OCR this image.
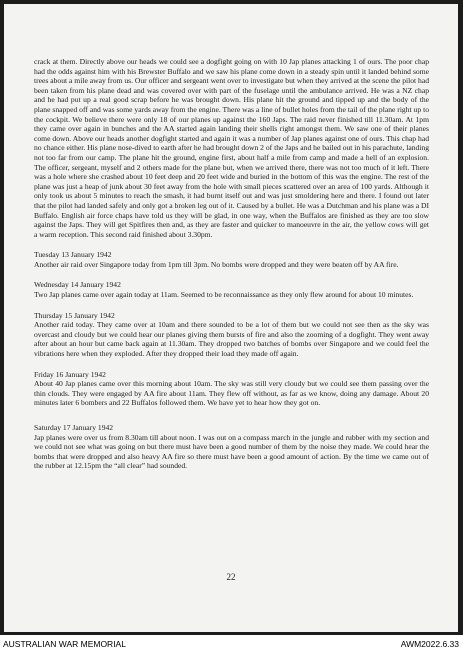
crack at them. Directly above our heads we could see a dogfight going on with 10 Jap planes attacking 1 of ours. The poor chap had the odds against him with his Brewster Buffalo and we saw his plane come down in a steady spin until it landed behind some trees about a mile away from us. Our officer and sergeant went over to investigate but when they arrived at the scene the pilot had been taken from his plane dead and was covered over with part of the fuselage until the ambulance arrived. He was a NZ chap and he had put up a real good scrap before he was brought down. His plane hit the ground and tipped up and the body of the plane snapped off and was some yards away from the engine. There was a line of bullet holes from the tail of the plane right up to the cockpit. We believe there were only 18 of our planes up against the 160 Japs. The raid never finished till 11.30am. At 1pm they came over again in bunches and the AA started again landing their shells right amongst them. We saw one of their planes come down. Above our heads another dogfight started and again it was a number of Jap planes against one of ours. This chap had no chance either. His plane nose-dived to earth after he had brought down 2 of the Japs and he bailed out in his parachute, landing not too far from our camp. The plane hit the ground, engine first, about half a mile from camp and made a hell of an explosion. The officer, sergeant, myself and 2 others made for the plane but, when we arrived there, there was not too much of it left. There was a hole where she crashed about 10 feet deep and 20 feet wide and buried in the bottom of this was the engine. The rest of the plane was just a heap of junk about 30 feet away from the hole with small pieces scattered over an area of 100 yards. Although it only took us about 5 minutes to reach the smash, it had burnt itself out and was just smoldering here and there. I found out later that the pilot had landed safely and only got a broken leg out of it. Caused by a bullet. He was a Dutchman and his plane was a DI Buffalo. English air force chaps have told us they will be glad, in one way, when the Buffalos are finished as they are too slow against the Japs. They will get Spitfires then and, as they are faster and quicker to manoeuvre in the air, the yellow cows will get a warm reception. This second raid finished about 3.30pm.

Tuesday 13 January 1942

Another air raid over Singapore today from 1pm till 3pm. No bombs were dropped and they were beaten off by AA fire.

Wednesday 14 January 1942

Two Jap planes came over again today at 11am. Seemed to be reconnaissance as they only flew around for about 10 minutes.

Thursday 15 January 1942

Another raid today. They came over at 10am and there sounded to be a lot of them but we could not see then as the sky was overcast and cloudy but we could hear our planes giving them bursts of fire and also the zooming of a dogfight. They went away after about an hour but came back again at 11.30am. They dropped two batches of bombs over Singapore and we could feel the vibrations here when they exploded. After they dropped their load they made off again.

Friday 16 January 1942

About 40 Jap planes came over this morning about 10am. The sky was still very cloudy but we could see them passing over the thin clouds. They were engaged by AA fire about 11am. They flew off without, as far as we know, doing any damage. About 20 minutes later 6 bombers and 22 Buffalos followed them. We have yet to hear how they got on.

Saturday 17 January 1942

Jap planes were over us from 8.30am till about noon. I was out on a compass march in the jungle and rubber with my section and we could not see what was going on but there must have been a good number of them by the noise they made. We could hear the bombs that were dropped and also heavy AA fire so there must have been a good amount of action. By the time we came out of the rubber at 12.15pm the “all clear” had sounded.

22
AUSTRALIAN WAR MEMORIAL	AWM2022.6.33
